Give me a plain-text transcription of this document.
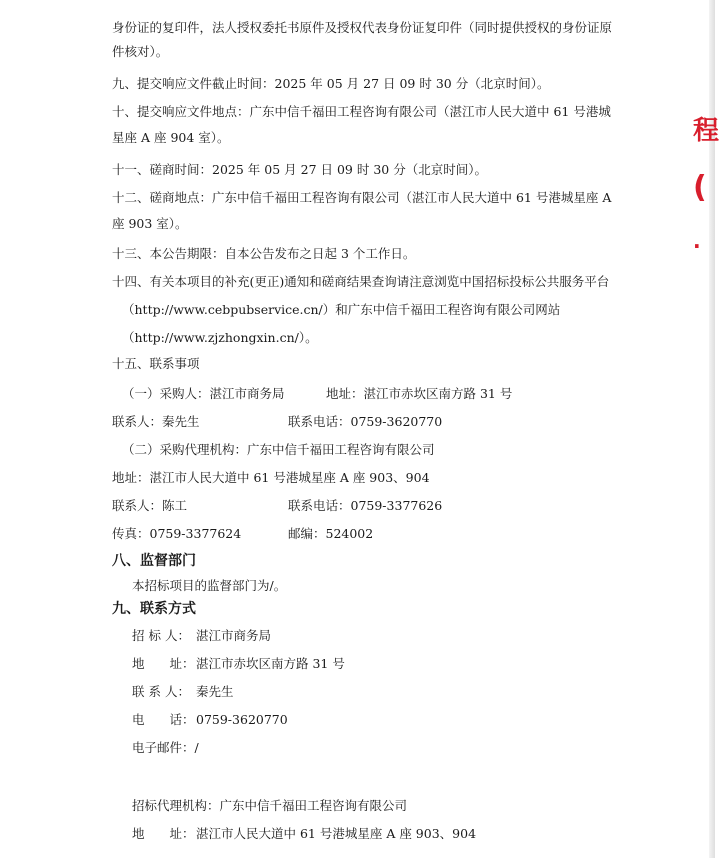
程
(
·
身份证的复印件，法人授权委托书原件及授权代表身份证复印件（同时提供授权的身份证原
件核对）。
九、提交响应文件截止时间：2025 年 05 月 27 日 09 时 30 分（北京时间）。
十、提交响应文件地点：广东中信千福田工程咨询有限公司（湛江市人民大道中 61 号港城
星座 A 座 904 室）。
十一、磋商时间：2025 年 05 月 27 日 09 时 30 分（北京时间）。
十二、磋商地点：广东中信千福田工程咨询有限公司（湛江市人民大道中 61 号港城星座 A
座 903 室）。
十三、本公告期限：自本公告发布之日起 3 个工作日。
十四、有关本项目的补充(更正)通知和磋商结果查询请注意浏览中国招标投标公共服务平台
（http://www.cebpubservice.cn/）和广东中信千福田工程咨询有限公司网站
（http://www.zjzhongxin.cn/）。
十五、联系事项
（一）采购人：湛江市商务局	地址：湛江市赤坎区南方路 31 号
联系人：秦先生	联系电话：0759-3620770
（二）采购代理机构：广东中信千福田工程咨询有限公司
地址：湛江市人民大道中 61 号港城星座 A 座 903、904
联系人：陈工	联系电话：0759-3377626
传真：0759-3377624	邮编：524002
八、监督部门
本招标项目的监督部门为/。
九、联系方式
招 标 人： 湛江市商务局
地　　址：湛江市赤坎区南方路 31 号
联 系 人： 秦先生
电　　话：0759-3620770
电子邮件：/
招标代理机构：广东中信千福田工程咨询有限公司
地　　址：湛江市人民大道中 61 号港城星座 A 座 903、904
